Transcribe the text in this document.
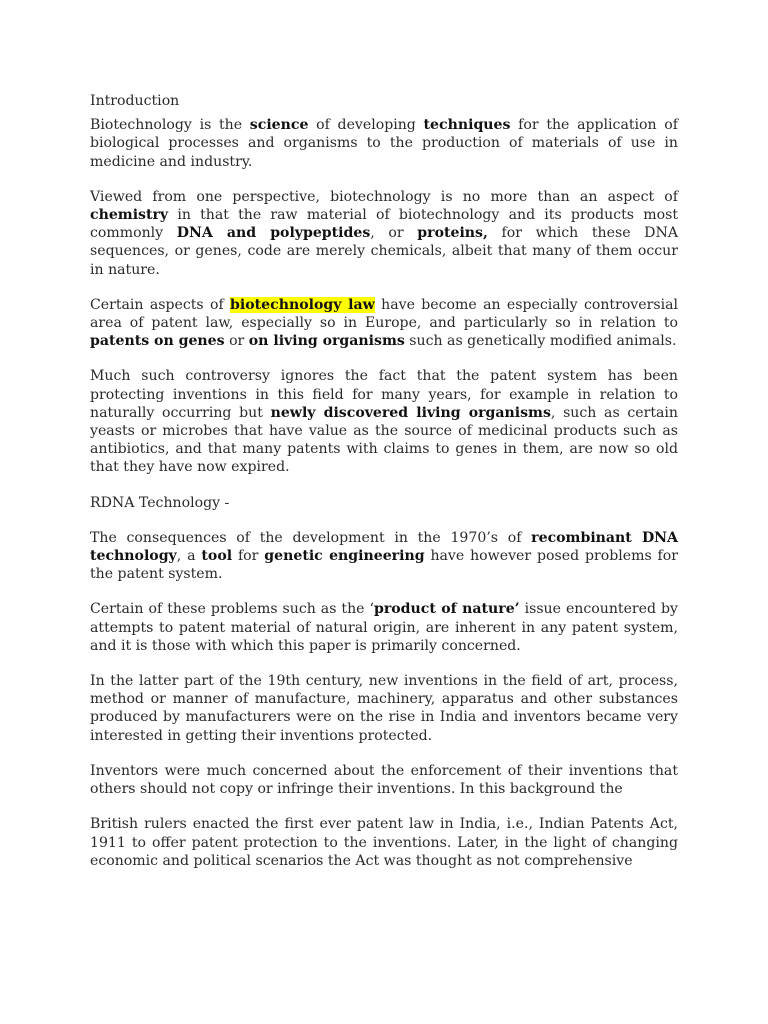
Introduction

Biotechnology is the science of developing techniques for the application of biological processes and organisms to the production of materials of use in medicine and industry.

Viewed from one perspective, biotechnology is no more than an aspect of chemistry in that the raw material of biotechnology and its products most commonly DNA and polypeptides, or proteins, for which these DNA sequences, or genes, code are merely chemicals, albeit that many of them occur in nature.

Certain aspects of biotechnology law have become an especially controversial area of patent law, especially so in Europe, and particularly so in relation to patents on genes or on living organisms such as genetically modified animals.

Much such controversy ignores the fact that the patent system has been protecting inventions in this field for many years, for example in relation to naturally occurring but newly discovered living organisms, such as certain yeasts or microbes that have value as the source of medicinal products such as antibiotics, and that many patents with claims to genes in them, are now so old that they have now expired.

RDNA Technology -

The consequences of the development in the 1970’s of recombinant DNA technology, a tool for genetic engineering have however posed problems for the patent system.

Certain of these problems such as the ‘product of nature’ issue encountered by attempts to patent material of natural origin, are inherent in any patent system, and it is those with which this paper is primarily concerned.

In the latter part of the 19th century, new inventions in the field of art, process, method or manner of manufacture, machinery, apparatus and other substances produced by manufacturers were on the rise in India and inventors became very interested in getting their inventions protected.

Inventors were much concerned about the enforcement of their inventions that others should not copy or infringe their inventions. In this background the

British rulers enacted the first ever patent law in India, i.e., Indian Patents Act, 1911 to offer patent protection to the inventions. Later, in the light of changing economic and political scenarios the Act was thought as not comprehensive
